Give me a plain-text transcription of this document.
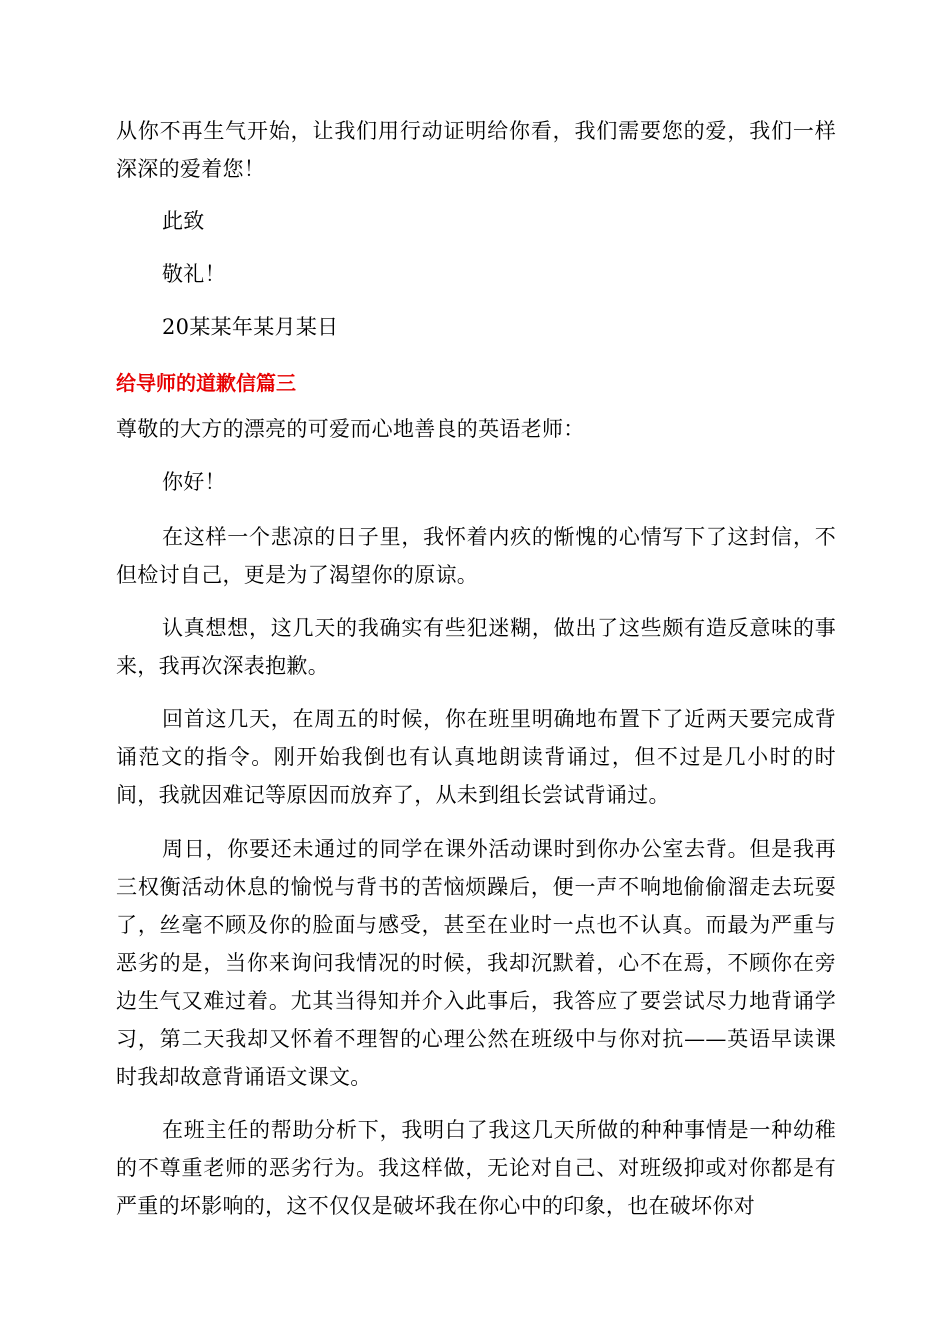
从你不再生气开始，让我们用行动证明给你看，我们需要您的爱，我们一样深深的爱着您！

此致

敬礼！

20某某年某月某日

给导师的道歉信篇三

尊敬的大方的漂亮的可爱而心地善良的英语老师：

你好！

在这样一个悲凉的日子里，我怀着内疚的惭愧的心情写下了这封信，不但检讨自己，更是为了渴望你的原谅。

认真想想，这几天的我确实有些犯迷糊，做出了这些颇有造反意味的事来，我再次深表抱歉。

回首这几天，在周五的时候，你在班里明确地布置下了近两天要完成背诵范文的指令。刚开始我倒也有认真地朗读背诵过，但不过是几小时的时间，我就因难记等原因而放弃了，从未到组长尝试背诵过。

周日，你要还未通过的同学在课外活动课时到你办公室去背。但是我再三权衡活动休息的愉悦与背书的苦恼烦躁后，便一声不响地偷偷溜走去玩耍了，丝毫不顾及你的脸面与感受，甚至在业时一点也不认真。而最为严重与恶劣的是，当你来询问我情况的时候，我却沉默着，心不在焉，不顾你在旁边生气又难过着。尤其当得知并介入此事后，我答应了要尝试尽力地背诵学习，第二天我却又怀着不理智的心理公然在班级中与你对抗——英语早读课时我却故意背诵语文课文。

在班主任的帮助分析下，我明白了我这几天所做的种种事情是一种幼稚的不尊重老师的恶劣行为。我这样做，无论对自己、对班级抑或对你都是有严重的坏影响的，这不仅仅是破坏我在你心中的印象，也在破坏你对
